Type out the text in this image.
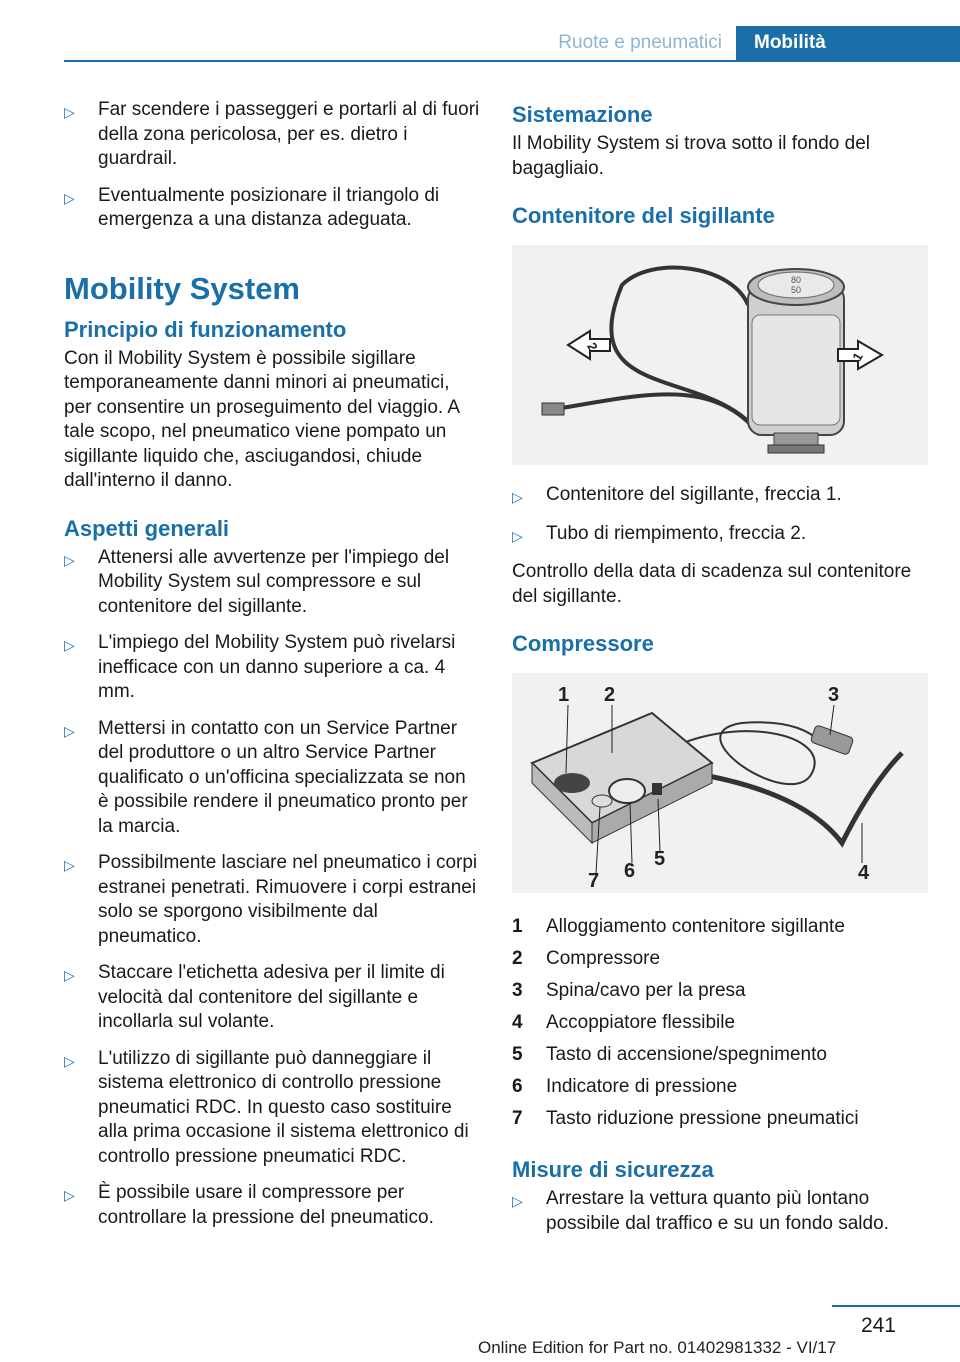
Ruote e pneumatici	Mobilità
▷	Far scendere i passeggeri e portarli al di fuori della zona pericolosa, per es. dietro i guardrail.
▷	Eventualmente posizionare il triangolo di emergenza a una distanza adeguata.
Mobility System
Principio di funzionamento
Con il Mobility System è possibile sigillare temporaneamente danni minori ai pneumatici, per consentire un proseguimento del viaggio. A tale scopo, nel pneumatico viene pompato un sigillante liquido che, asciugandosi, chiude dall'interno il danno.
Aspetti generali
▷	Attenersi alle avvertenze per l'impiego del Mobility System sul compressore e sul contenitore del sigillante.
▷	L'impiego del Mobility System può rivelarsi inefficace con un danno superiore a ca. 4 mm.
▷	Mettersi in contatto con un Service Partner del produttore o un altro Service Partner qualificato o un'officina specializzata se non è possibile rendere il pneumatico pronto per la marcia.
▷	Possibilmente lasciare nel pneumatico i corpi estranei penetrati. Rimuovere i corpi estranei solo se sporgono visibilmente dal pneumatico.
▷	Staccare l'etichetta adesiva per il limite di velocità dal contenitore del sigillante e incollarla sul volante.
▷	L'utilizzo di sigillante può danneggiare il sistema elettronico di controllo pressione pneumatici RDC. In questo caso sostituire alla prima occasione il sistema elettronico di controllo pressione pneumatici RDC.
▷	È possibile usare il compressore per controllare la pressione del pneumatico.
Sistemazione
Il Mobility System si trova sotto il fondo del bagagliaio.
Contenitore del sigillante
80
50
1
2
▷	Contenitore del sigillante, freccia 1.
▷	Tubo di riempimento, freccia 2.
Controllo della data di scadenza sul contenitore del sigillante.
Compressore
1 2	3
4
5
6
7
1	Alloggiamento contenitore sigillante
2	Compressore
3	Spina/cavo per la presa
4	Accoppiatore flessibile
5	Tasto di accensione/spegnimento
6	Indicatore di pressione
7	Tasto riduzione pressione pneumatici
Misure di sicurezza
▷	Arrestare la vettura quanto più lontano possibile dal traffico e su un fondo saldo.
241
Online Edition for Part no. 01402981332 - VI/17
